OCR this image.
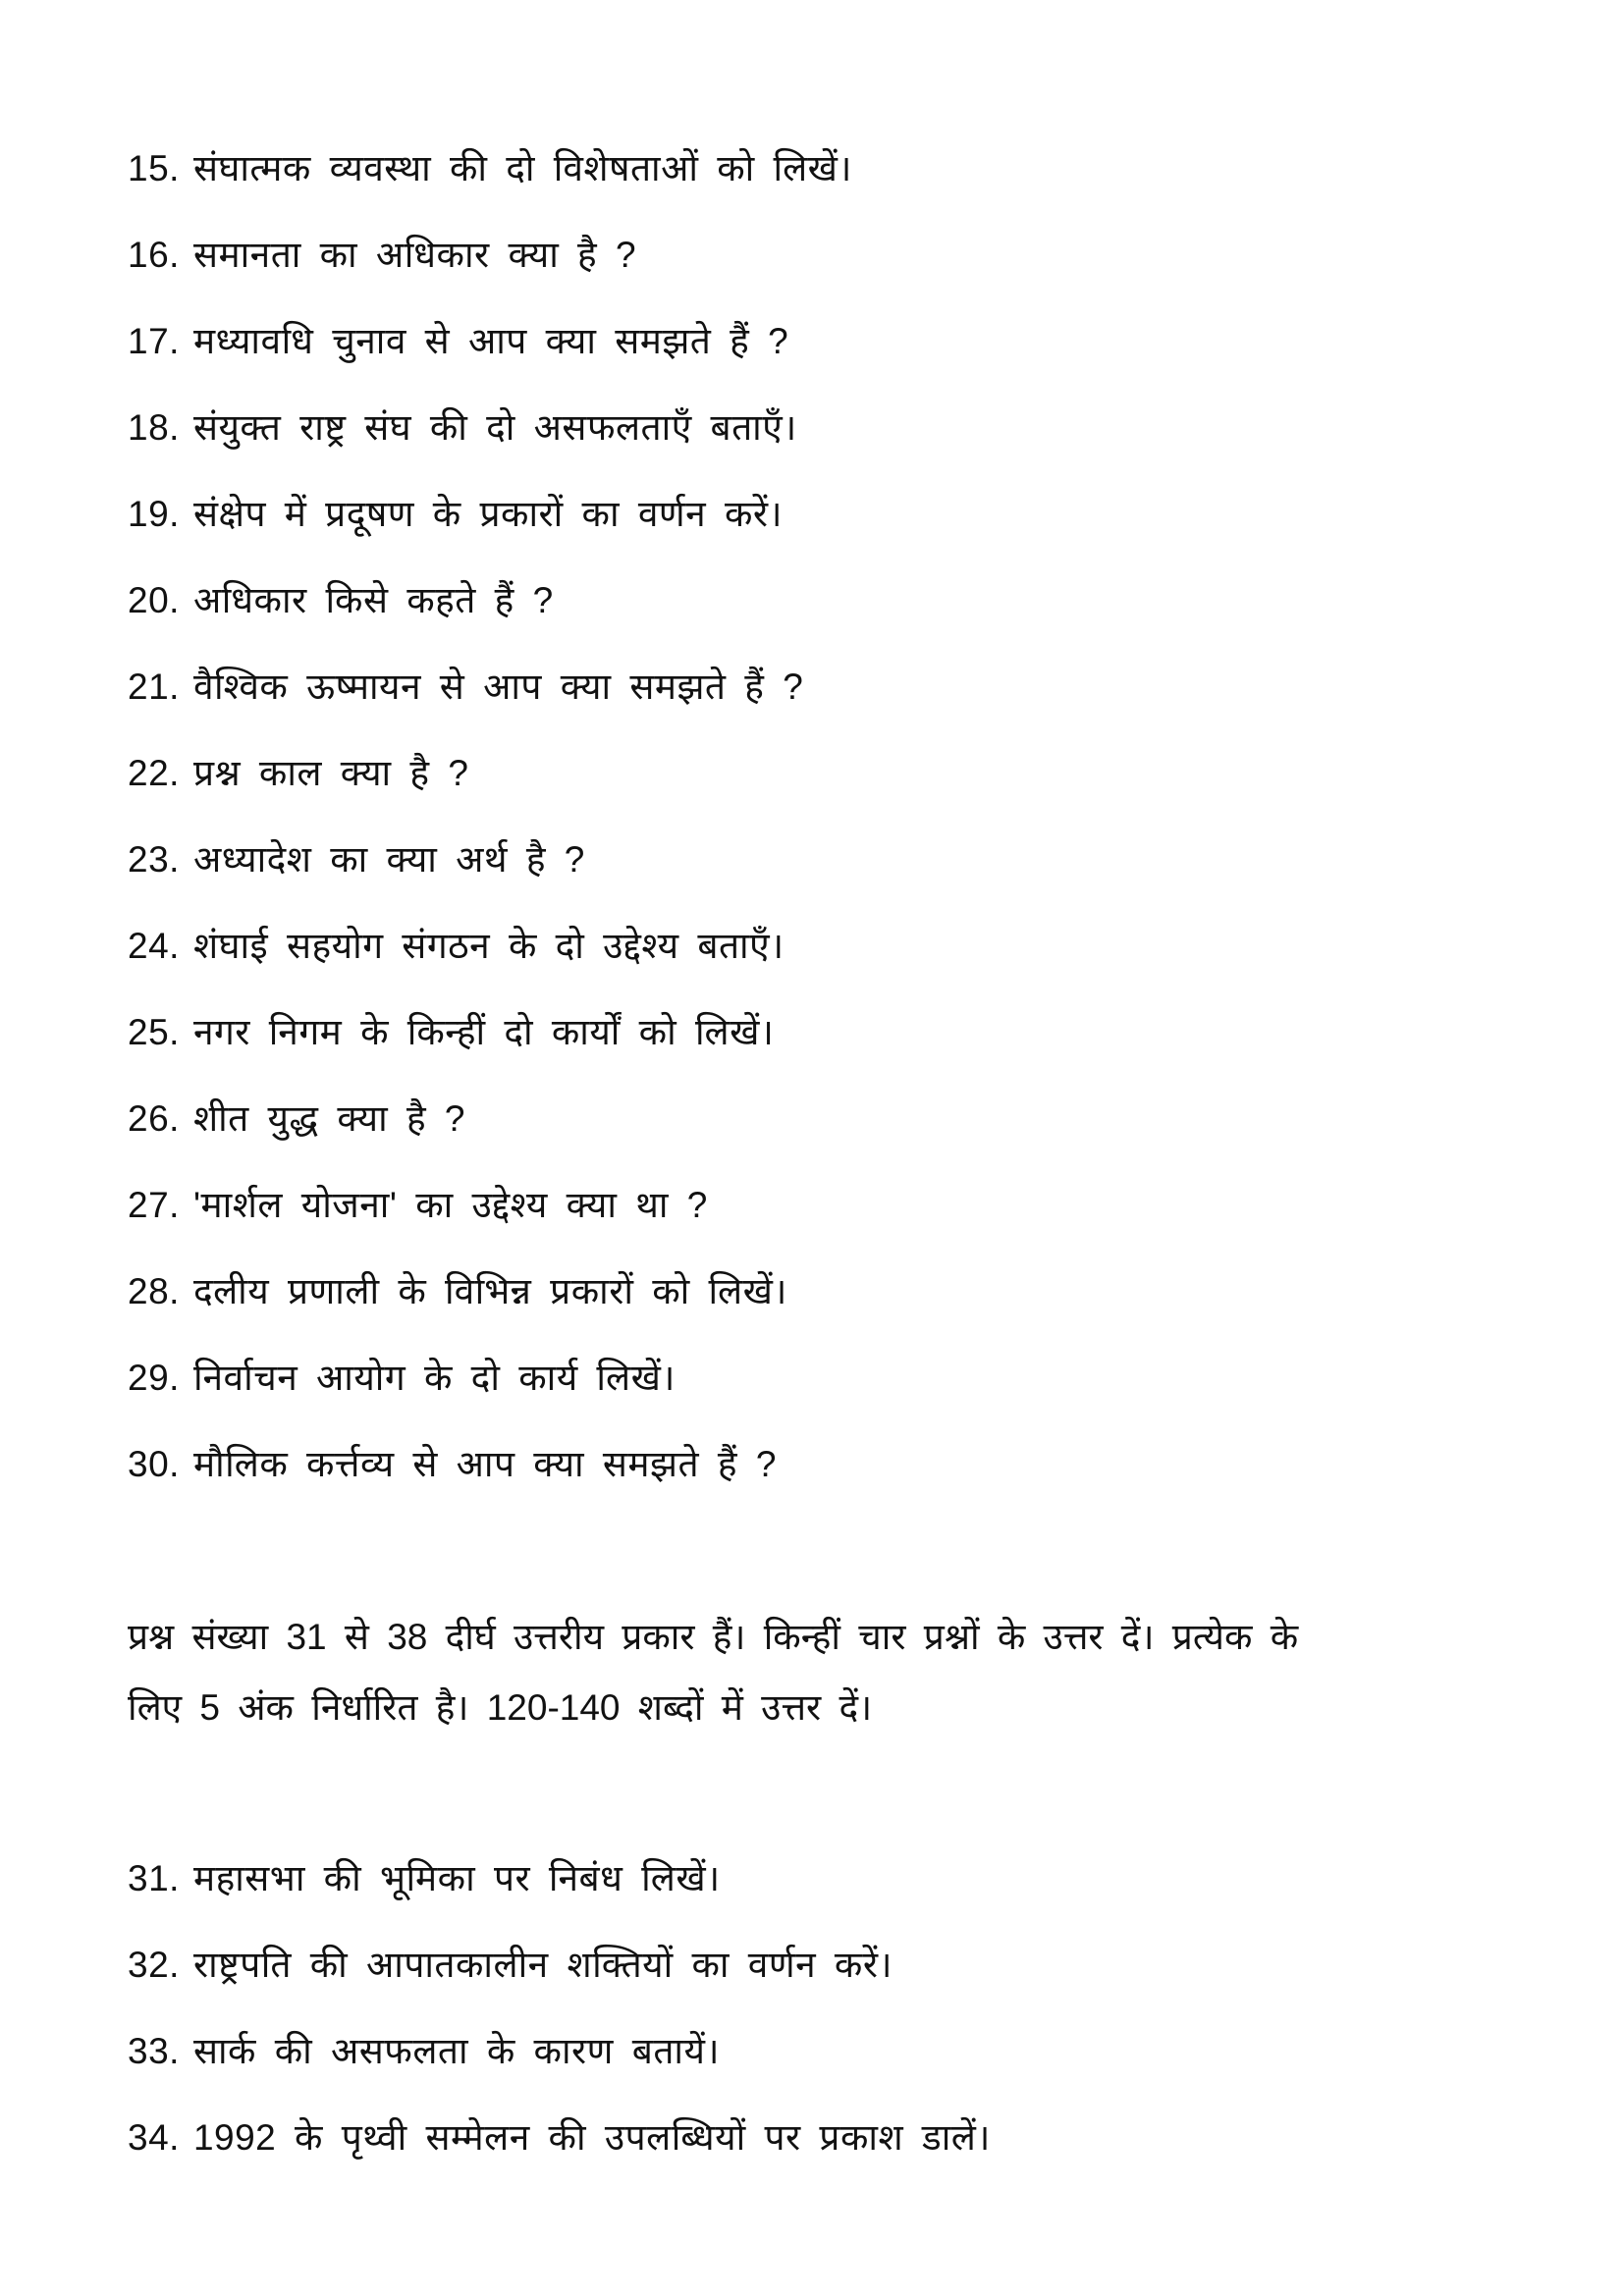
15. संघात्मक व्यवस्था की दो विशेषताओं को लिखें।
16. समानता का अधिकार क्या है ?
17. मध्यावधि चुनाव से आप क्या समझते हैं ?
18. संयुक्त राष्ट्र संघ की दो असफलताएँ बताएँ।
19. संक्षेप में प्रदूषण के प्रकारों का वर्णन करें।
20. अधिकार किसे कहते हैं ?
21. वैश्विक ऊष्मायन से आप क्या समझते हैं ?
22. प्रश्न काल क्या है ?
23. अध्यादेश का क्या अर्थ है ?
24. शंघाई सहयोग संगठन के दो उद्देश्य बताएँ।
25. नगर निगम के किन्हीं दो कार्यों को लिखें।
26. शीत युद्ध क्या है ?
27. 'मार्शल योजना' का उद्देश्य क्या था ?
28. दलीय प्रणाली के विभिन्न प्रकारों को लिखें।
29. निर्वाचन आयोग के दो कार्य लिखें।
30. मौलिक कर्त्तव्य से आप क्या समझते हैं ?
प्रश्न संख्या 31 से 38 दीर्घ उत्तरीय प्रकार हैं। किन्हीं चार प्रश्नों के उत्तर दें। प्रत्येक के
लिए 5 अंक निर्धारित है। 120-140 शब्दों में उत्तर दें।
31. महासभा की भूमिका पर निबंध लिखें।
32. राष्ट्रपति की आपातकालीन शक्तियों का वर्णन करें।
33. सार्क की असफलता के कारण बतायें।
34. 1992 के पृथ्वी सम्मेलन की उपलब्धियों पर प्रकाश डालें।
